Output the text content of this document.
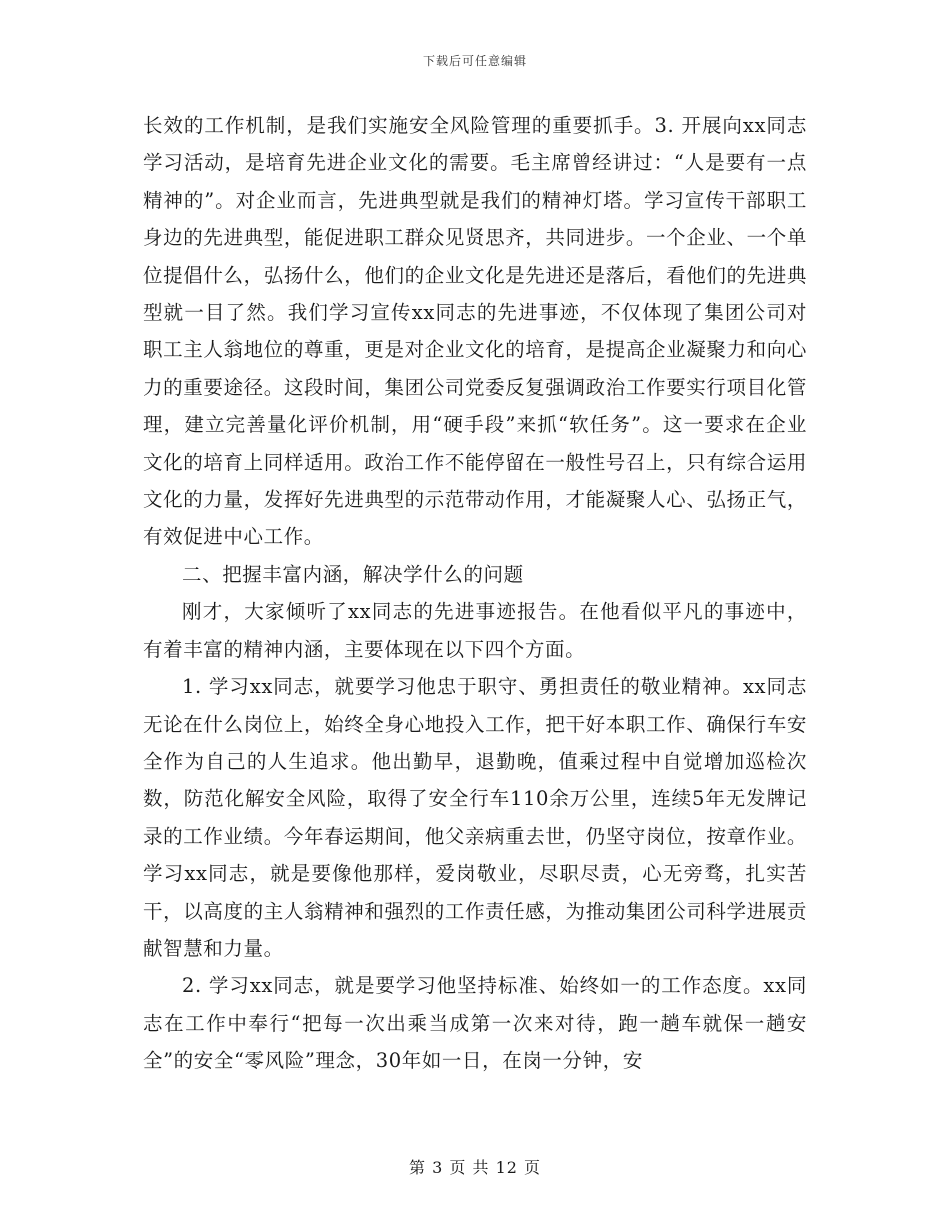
下载后可任意编辑

长效的工作机制，是我们实施安全风险管理的重要抓手。3. 开展向xx同志学习活动，是培育先进企业文化的需要。毛主席曾经讲过：“人是要有一点精神的”。对企业而言，先进典型就是我们的精神灯塔。学习宣传干部职工身边的先进典型，能促进职工群众见贤思齐，共同进步。一个企业、一个单位提倡什么，弘扬什么，他们的企业文化是先进还是落后，看他们的先进典型就一目了然。我们学习宣传xx同志的先进事迹，不仅体现了集团公司对职工主人翁地位的尊重，更是对企业文化的培育，是提高企业凝聚力和向心力的重要途径。这段时间，集团公司党委反复强调政治工作要实行项目化管理，建立完善量化评价机制，用“硬手段”来抓“软任务”。这一要求在企业文化的培育上同样适用。政治工作不能停留在一般性号召上，只有综合运用文化的力量，发挥好先进典型的示范带动作用，才能凝聚人心、弘扬正气，有效促进中心工作。

二、把握丰富内涵，解决学什么的问题

刚才，大家倾听了xx同志的先进事迹报告。在他看似平凡的事迹中，有着丰富的精神内涵，主要体现在以下四个方面。

1. 学习xx同志，就要学习他忠于职守、勇担责任的敬业精神。xx同志无论在什么岗位上，始终全身心地投入工作，把干好本职工作、确保行车安全作为自己的人生追求。他出勤早，退勤晚，值乘过程中自觉增加巡检次数，防范化解安全风险，取得了安全行车110余万公里，连续5年无发牌记录的工作业绩。今年春运期间，他父亲病重去世，仍坚守岗位，按章作业。学习xx同志，就是要像他那样，爱岗敬业，尽职尽责，心无旁骛，扎实苦干，以高度的主人翁精神和强烈的工作责任感，为推动集团公司科学进展贡献智慧和力量。

2. 学习xx同志，就是要学习他坚持标准、始终如一的工作态度。xx同志在工作中奉行“把每一次出乘当成第一次来对待，跑一趟车就保一趟安全”的安全“零风险”理念，30年如一日，在岗一分钟，安

第 3 页 共 12 页
